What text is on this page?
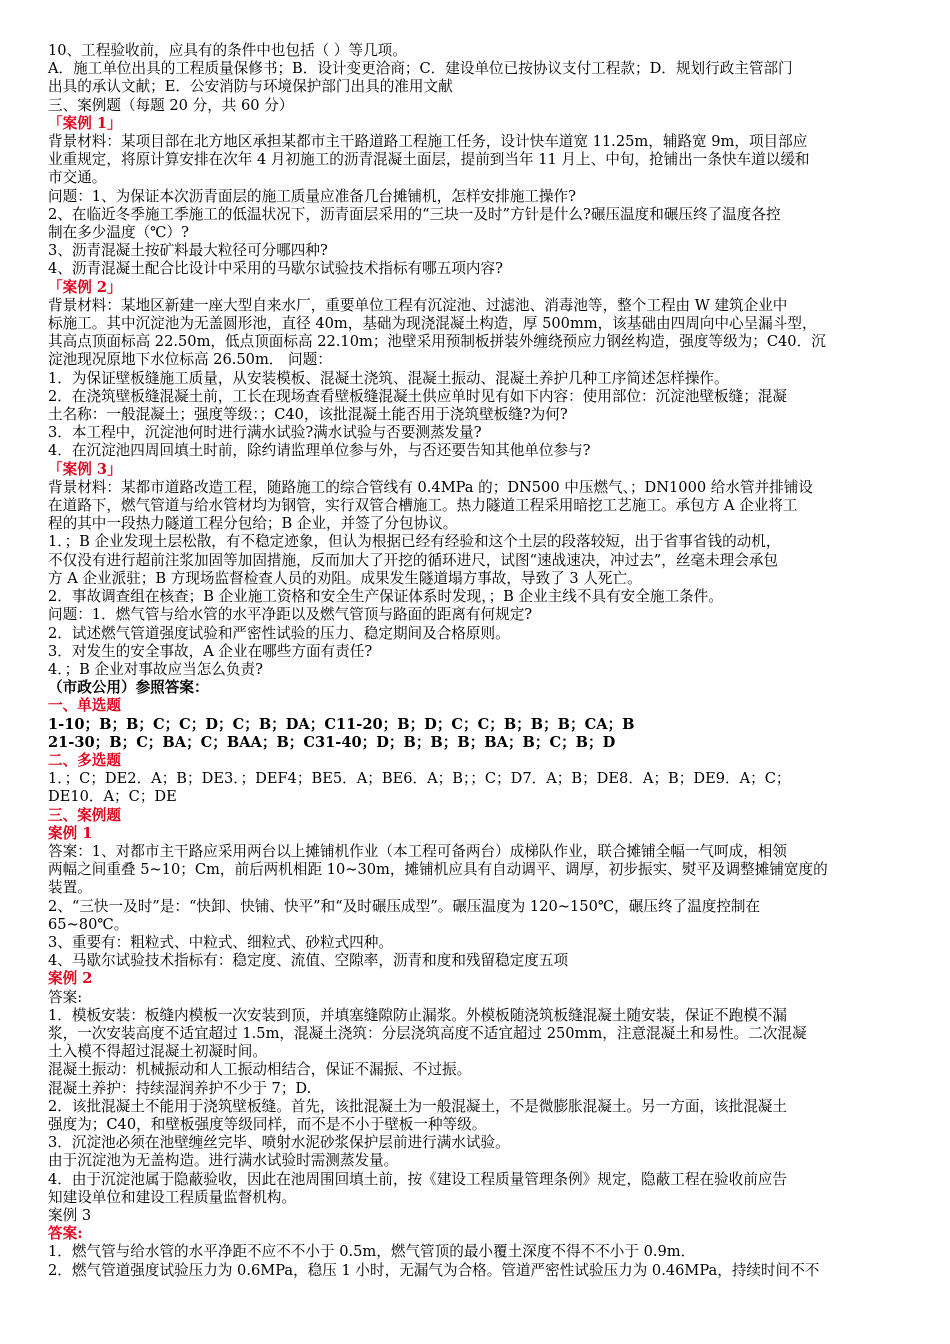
10、工程验收前，应具有的条件中也包括（ ）等几项。

A．施工单位出具的工程质量保修书；B．设计变更洽商；C．建设单位已按协议支付工程款；D．规划行政主管部门

出具的承认文献；E．公安消防与环境保护部门出具的准用文献

三、案例题（每题 20 分，共 60 分）

「案例 1」

背景材料：某项目部在北方地区承担某都市主干路道路工程施工任务，设计快车道宽 11.25m，辅路宽 9m，项目部应

业重规定，将原计算安排在次年 4 月初施工的沥青混凝土面层，提前到当年 11 月上、中旬，抢铺出一条快车道以缓和

市交通。

问题：1、为保证本次沥青面层的施工质量应准备几台摊铺机，怎样安排施工操作?

2、在临近冬季施工季施工的低温状况下，沥青面层采用的“三块一及时”方针是什么?碾压温度和碾压终了温度各控

制在多少温度（℃）?

3、沥青混凝土按矿料最大粒径可分哪四种?

4、沥青混凝土配合比设计中采用的马歇尔试验技术指标有哪五项内容?

「案例 2」

背景材料：某地区新建一座大型自来水厂，重要单位工程有沉淀池、过滤池、消毒池等，整个工程由 W 建筑企业中

标施工。其中沉淀池为无盖圆形池，直径 40m，基础为现浇混凝土构造，厚 500mm，该基础由四周向中心呈漏斗型，

其高点顶面标高 22.50m，低点顶面标高 22.10m；池壁采用预制板拼装外缠绕预应力钢丝构造，强度等级为；C40．沉

淀池现况原地下水位标高 26.50m． 问题：

1．为保证壁板缝施工质量，从安装模板、混凝土浇筑、混凝土振动、混凝土养护几种工序简述怎样操作。

2．在浇筑壁板缝混凝土前，工长在现场查看壁板缝混凝土供应单时见有如下内容：使用部位：沉淀池壁板缝；混凝

土名称：一般混凝土；强度等级：；C40，该批混凝土能否用于浇筑壁板缝?为何?

3．本工程中，沉淀池何时进行满水试验?满水试验与否要测蒸发量?

4．在沉淀池四周回填土时前，除约请监理单位参与外，与否还要告知其他单位参与?

「案例 3」

背景材料：某都市道路改造工程，随路施工的综合管线有 0.4MPa 的；DN500 中压燃气、；DN1000 给水管并排铺设

在道路下，燃气管道与给水管材均为钢管，实行双管合槽施工。热力隧道工程采用暗挖工艺施工。承包方 A 企业将工

程的其中一段热力隧道工程分包给；B 企业，并签了分包协议。

1．；B 企业发现土层松散，有不稳定迹象，但认为根据已经有经验和这个土层的段落较短，出于省事省钱的动机，

不仅没有进行超前注浆加固等加固措施，反而加大了开挖的循环进尺，试图“速战速决，冲过去”，丝毫未理会承包

方 A 企业派驻；B 方现场监督检查人员的劝阻。成果发生隧道塌方事故，导致了 3 人死亡。

2．事故调查组在核查；B 企业施工资格和安全生产保证体系时发现，；B 企业主线不具有安全施工条件。

问题：1．燃气管与给水管的水平净距以及燃气管顶与路面的距离有何规定?

2．试述燃气管道强度试验和严密性试验的压力、稳定期间及合格原则。

3．对发生的安全事故，A 企业在哪些方面有责任?

4．；B 企业对事故应当怎么负责?

（市政公用）参照答案：

一、单选题

1-10；B；B；C；C；D；C；B；DA；C11-20；B；D；C；C；B；B；B；CA；B

21-30；B；C；BA；C；BAA；B；C31-40；D；B；B；B；BA；B；C；B；D

二、多选题

1．；C；DE2．A；B；DE3．；DEF4；BE5．A；BE6．A；B；；C；D7．A；B；DE8．A；B；DE9．A；C；

DE10．A；C；DE

三、案例题

案例 1

答案：1、对都市主干路应采用两台以上摊铺机作业（本工程可备两台）成梯队作业，联合摊铺全幅一气呵成，相领

两幅之间重叠 5~10；Cm，前后两机相距 10~30m，摊铺机应具有自动调平、调厚，初步振实、熨平及调整摊铺宽度的

装置。

2、“三快一及时”是：“快卸、快铺、快平”和“及时碾压成型”。碾压温度为 120~150℃，碾压终了温度控制在

65~80℃。

3、重要有：粗粒式、中粒式、细粒式、砂粒式四种。

4、马歇尔试验技术指标有：稳定度、流值、空隙率，沥青和度和残留稳定度五项

案例 2

答案:

1．模板安装：板缝内模板一次安装到顶，并填塞缝隙防止漏浆。外模板随浇筑板缝混凝土随安装，保证不跑模不漏

浆，一次安装高度不适宜超过 1.5m，混凝土浇筑：分层浇筑高度不适宜超过 250mm，注意混凝土和易性。二次混凝

土入模不得超过混凝土初凝时间。

混凝土振动：机械振动和人工振动相结合，保证不漏振、不过振。

混凝土养护：持续湿润养护不少于 7；D.

2．该批混凝土不能用于浇筑壁板缝。首先，该批混凝土为一般混凝土，不是微膨胀混凝土。另一方面，该批混凝土

强度为；C40，和壁板强度等级同样，而不是不小于壁板一种等级。

3．沉淀池必须在池壁缠丝完毕、喷射水泥砂浆保护层前进行满水试验。

由于沉淀池为无盖构造。进行满水试验时需测蒸发量。

4．由于沉淀池属于隐蔽验收，因此在池周围回填土前，按《建设工程质量管理条例》规定，隐蔽工程在验收前应告

知建设单位和建设工程质量监督机构。

案例 3

答案:

1．燃气管与给水管的水平净距不应不不小于 0.5m，燃气管顶的最小覆土深度不得不不小于 0.9m．

2．燃气管道强度试验压力为 0.6MPa，稳压 1 小时，无漏气为合格。管道严密性试验压力为 0.46MPa，持续时间不不
